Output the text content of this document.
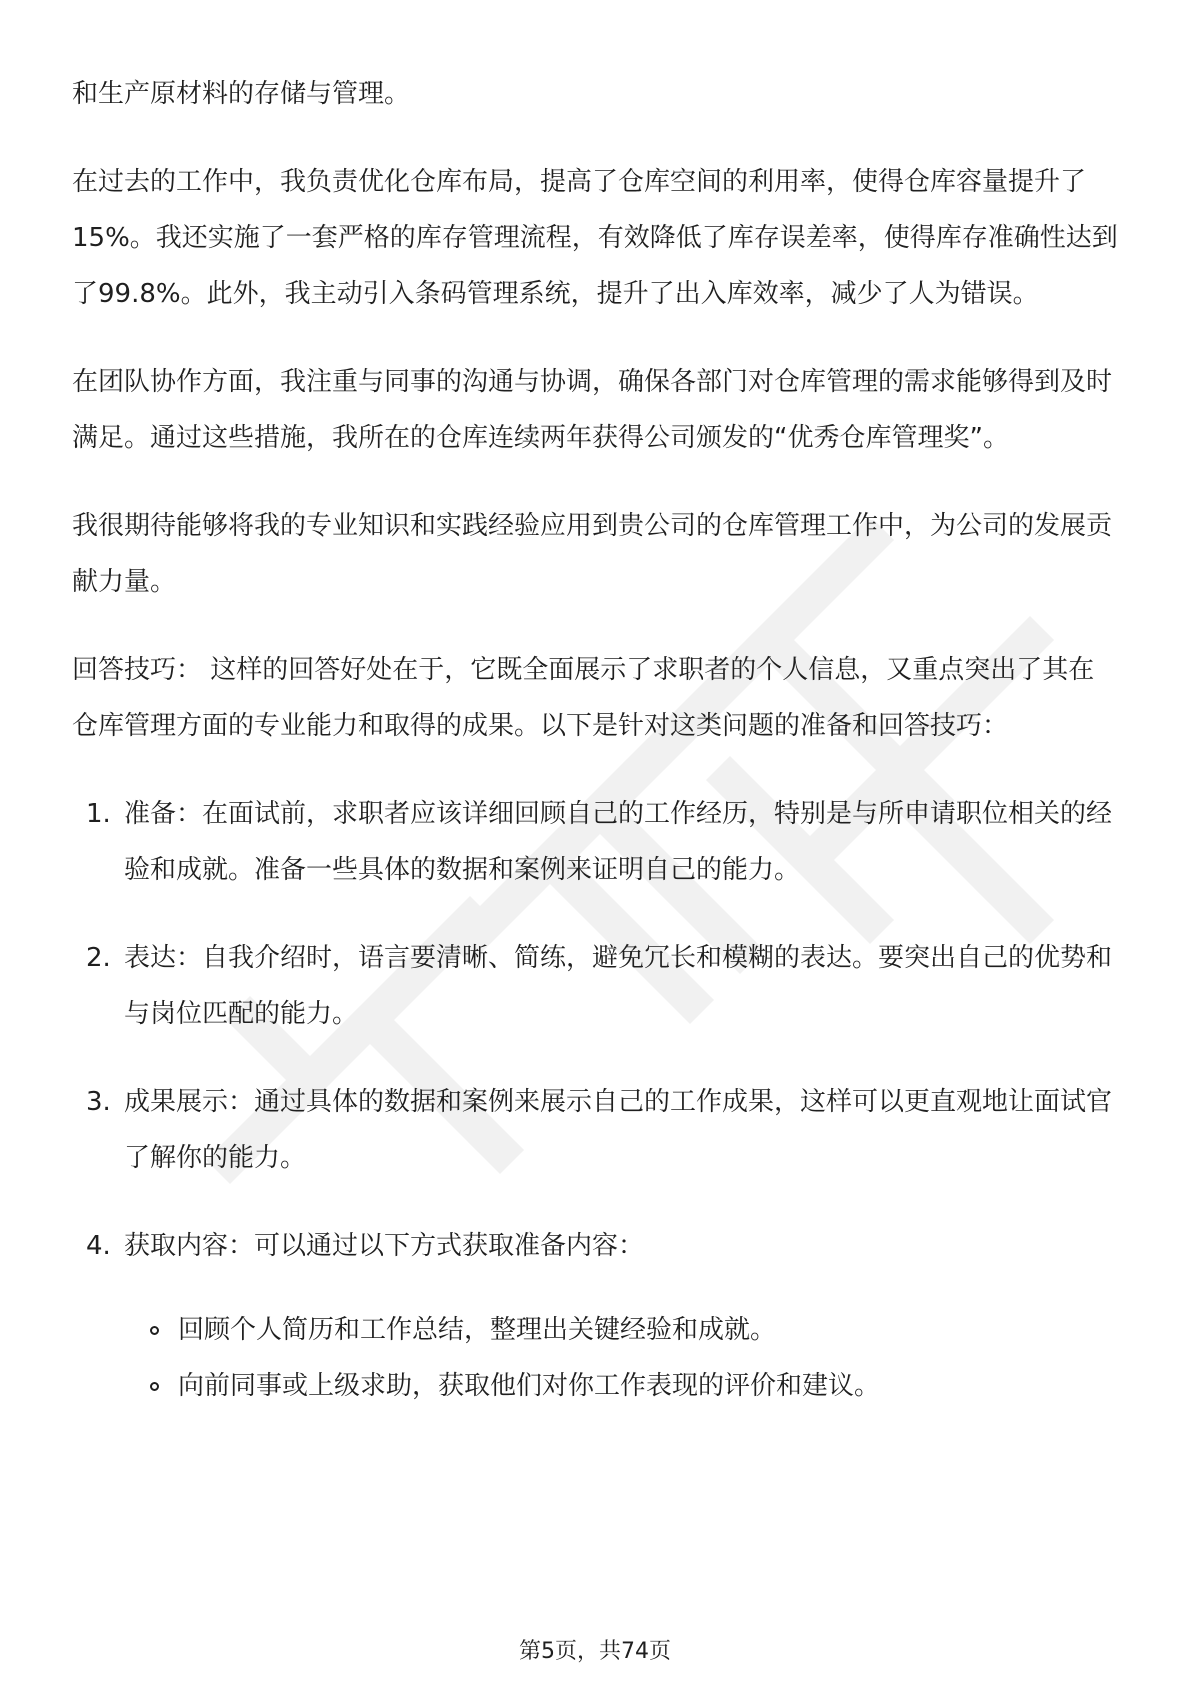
和生产原材料的存储与管理。

在过去的工作中，我负责优化仓库布局，提高了仓库空间的利用率，使得仓库容量提升了15%。我还实施了一套严格的库存管理流程，有效降低了库存误差率，使得库存准确性达到了99.8%。此外，我主动引入条码管理系统，提升了出入库效率，减少了人为错误。

在团队协作方面，我注重与同事的沟通与协调，确保各部门对仓库管理的需求能够得到及时满足。通过这些措施，我所在的仓库连续两年获得公司颁发的“优秀仓库管理奖”。

我很期待能够将我的专业知识和实践经验应用到贵公司的仓库管理工作中，为公司的发展贡献力量。

回答技巧： 这样的回答好处在于，它既全面展示了求职者的个人信息，又重点突出了其在仓库管理方面的专业能力和取得的成果。以下是针对这类问题的准备和回答技巧：

1. 准备：在面试前，求职者应该详细回顾自己的工作经历，特别是与所申请职位相关的经验和成就。准备一些具体的数据和案例来证明自己的能力。
2. 表达：自我介绍时，语言要清晰、简练，避免冗长和模糊的表达。要突出自己的优势和与岗位匹配的能力。
3. 成果展示：通过具体的数据和案例来展示自己的工作成果，这样可以更直观地让面试官了解你的能力。
4. 获取内容：可以通过以下方式获取准备内容：
回顾个人简历和工作总结，整理出关键经验和成就。
向前同事或上级求助，获取他们对你工作表现的评价和建议。
第5页，共74页
